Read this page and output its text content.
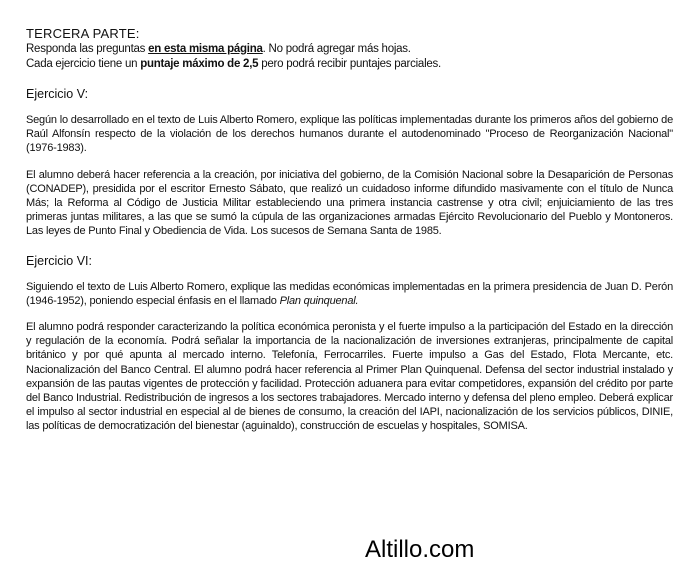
TERCERA PARTE:
Responda las preguntas en esta misma página. No podrá agregar más hojas.
Cada ejercicio tiene un puntaje máximo de 2,5 pero podrá recibir puntajes parciales.
Ejercicio V:
Según lo desarrollado en el texto de Luis Alberto Romero, explique las políticas implementadas durante los primeros años del gobierno de Raúl Alfonsín respecto de la violación de los derechos humanos durante el autodenominado "Proceso de Reorganización Nacional" (1976-1983).
El alumno deberá hacer referencia a la creación, por iniciativa del gobierno, de la Comisión Nacional sobre la Desaparición de Personas (CONADEP), presidida por el escritor Ernesto Sábato, que realizó un cuidadoso informe difundido masivamente con el título de Nunca Más; la Reforma al Código de Justicia Militar estableciendo una primera instancia castrense y otra civil; enjuiciamiento de las tres primeras juntas militares, a las que se sumó la cúpula de las organizaciones armadas Ejército Revolucionario del Pueblo y Montoneros. Las leyes de Punto Final y Obediencia de Vida. Los sucesos de Semana Santa de 1985.
Ejercicio VI:
Siguiendo el texto de Luis Alberto Romero, explique las medidas económicas implementadas en la primera presidencia de Juan D. Perón (1946-1952), poniendo especial énfasis en el llamado Plan quinquenal.
El alumno podrá responder caracterizando la política económica peronista y el fuerte impulso a la participación del Estado en la dirección y regulación de la economía. Podrá señalar la importancia de la nacionalización de inversiones extranjeras, principalmente de capital británico y por qué apunta al mercado interno. Telefonía, Ferrocarriles. Fuerte impulso a Gas del Estado, Flota Mercante, etc. Nacionalización del Banco Central. El alumno podrá hacer referencia al Primer Plan Quinquenal. Defensa del sector industrial instalado y expansión de las pautas vigentes de protección y facilidad. Protección aduanera para evitar competidores, expansión del crédito por parte del Banco Industrial. Redistribución de ingresos a los sectores trabajadores. Mercado interno y defensa del pleno empleo. Deberá explicar el impulso al sector industrial en especial al de bienes de consumo, la creación del IAPI, nacionalización de los servicios públicos, DINIE, las políticas de democratización del bienestar (aguinaldo), construcción de escuelas y hospitales, SOMISA.
Altillo.com
